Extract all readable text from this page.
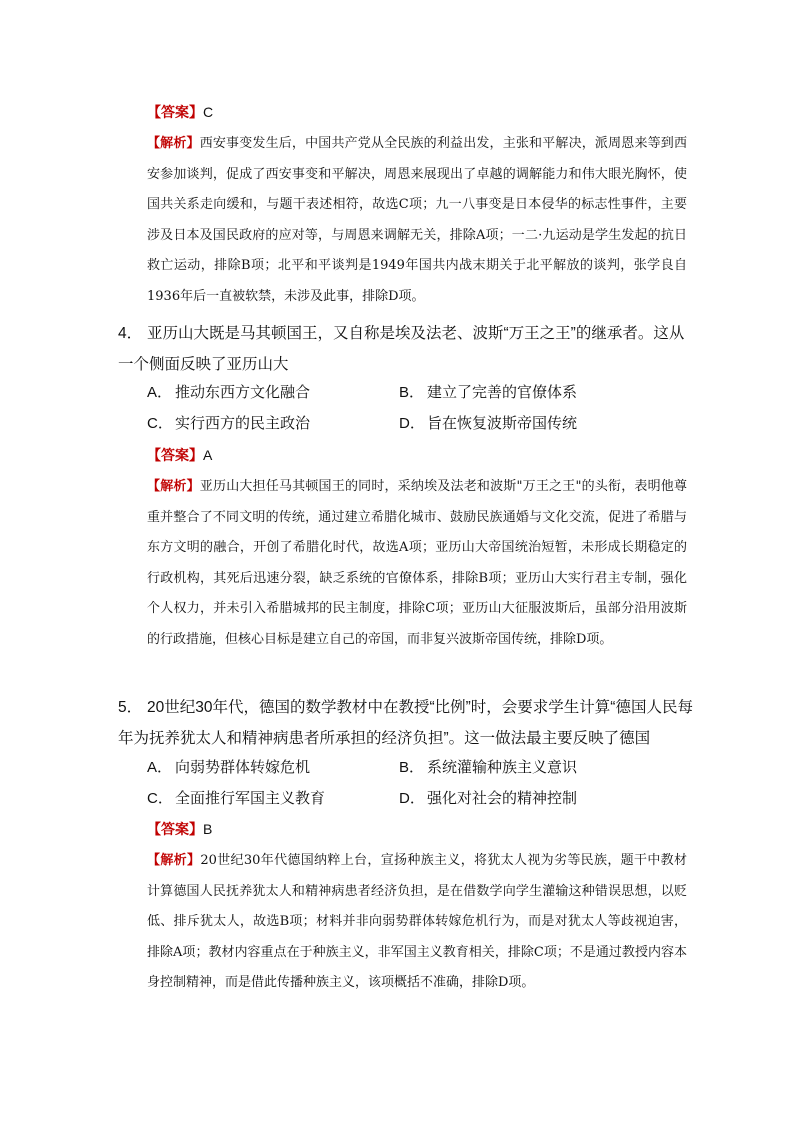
【答案】C
【解析】西安事变发生后，中国共产党从全民族的利益出发，主张和平解决，派周恩来等到西安参加谈判，促成了西安事变和平解决，周恩来展现出了卓越的调解能力和伟大眼光胸怀，使国共关系走向缓和，与题干表述相符，故选C项；九一八事变是日本侵华的标志性事件，主要涉及日本及国民政府的应对等，与周恩来调解无关，排除A项；一二·九运动是学生发起的抗日救亡运动，排除B项；北平和平谈判是1949年国共内战末期关于北平解放的谈判，张学良自1936年后一直被软禁，未涉及此事，排除D项。
4． 亚历山大既是马其顿国王，又自称是埃及法老、波斯“万王之王”的继承者。这从一个侧面反映了亚历山大
A． 推动东西方文化融合	B． 建立了完善的官僚体系
C． 实行西方的民主政治	D． 旨在恢复波斯帝国传统
【答案】A
【解析】亚历山大担任马其顿国王的同时，采纳埃及法老和波斯"万王之王"的头衔，表明他尊重并整合了不同文明的传统，通过建立希腊化城市、鼓励民族通婚与文化交流，促进了希腊与东方文明的融合，开创了希腊化时代，故选A项；亚历山大帝国统治短暂，未形成长期稳定的行政机构，其死后迅速分裂，缺乏系统的官僚体系，排除B项；亚历山大实行君主专制，强化个人权力，并未引入希腊城邦的民主制度，排除C项；亚历山大征服波斯后，虽部分沿用波斯的行政措施，但核心目标是建立自己的帝国，而非复兴波斯帝国传统，排除D项。
5． 20世纪30年代，德国的数学教材中在教授“比例”时，会要求学生计算“德国人民每年为抚养犹太人和精神病患者所承担的经济负担”。这一做法最主要反映了德国
A． 向弱势群体转嫁危机	B． 系统灌输种族主义意识
C． 全面推行军国主义教育	D． 强化对社会的精神控制
【答案】B
【解析】20世纪30年代德国纳粹上台，宣扬种族主义，将犹太人视为劣等民族，题干中教材计算德国人民抚养犹太人和精神病患者经济负担，是在借数学向学生灌输这种错误思想，以贬低、排斥犹太人，故选B项；材料并非向弱势群体转嫁危机行为，而是对犹太人等歧视迫害，排除A项；教材内容重点在于种族主义，非军国主义教育相关，排除C项；不是通过教授内容本身控制精神，而是借此传播种族主义，该项概括不准确，排除D项。
